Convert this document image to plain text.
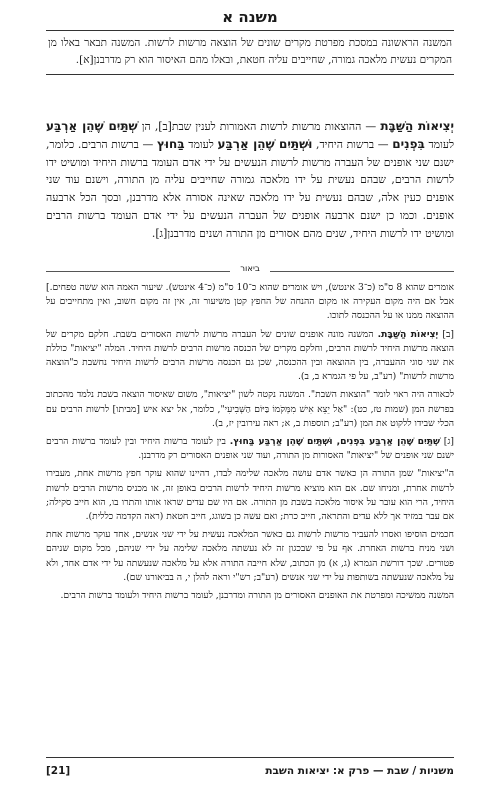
משנה א
המשנה הראשונה במסכת מפרטת מקרים שונים של הוצאה מרשות לרשות. המשנה תבאר באלו מן המקרים נעשית מלאכה גמורה, שחייבים עליה חטאת, ובאלו מהם האיסור הוא רק מדרבנן[א].
יְצִיאוֹת הַשַּׁבָּת — ההוצאות מרשות לרשות האמורות לענין שבת[ב], הן שְׁתַּיִם שֶׁהֵן אַרְבַּע לעומד בִּפְנִים — ברשות היחיד, וּשְׁתַּיִם שֶׁהֵן אַרְבַּע לעומד בַּחוּץ — ברשות הרבים. כלומר, ישנם שני אופנים של העברה מרשות לרשות הנעשים על ידי אדם העומד ברשות היחיד ומושיט ידו לרשות הרבים, שבהם נעשית על ידו מלאכה גמורה שחייבים עליה מן התורה, וישנם עוד שני אופנים כעין אלה, שבהם נעשית על ידו מלאכה שאינה אסורה אלא מדרבנן, ובסך הכל ארבעה אופנים. וכמו כן ישנם ארבעה אופנים של העברה הנעשים על ידי אדם העומד ברשות הרבים ומושיט ידו לרשות היחיד, שנים מהם אסורים מן התורה ושנים מדרבנן[ג].
ביאור

אומרים שהוא 8 ס"מ (כ־3 אינטש), ויש אומרים שהוא כ־10 ס"מ (כ־4 אינטש). שיעור האמה הוא ששה טפחים.] אבל אם היה מקום העקירה או מקום ההנחה של החפץ קטן משיעור זה, אין זה מקום חשוב, ואין מתחייבים על ההוצאה ממנו או על ההכנסה לתוכו.

[ב] יְצִיאוֹת הַשַּׁבָּת. המשנה מונה אופנים שונים של העברה מרשות לרשות האסורים בשבת. חלקם מקרים של הוצאה מרשות היחיד לרשות הרבים, וחלקם מקרים של הכנסה מרשות הרבים לרשות היחיד. המלה "יציאות" כוללת את שני סוגי ההעברה, בין ההוצאה ובין ההכנסה, שכן גם הכנסה מרשות הרבים לרשות היחיד נחשבת כ"הוצאה מרשות לרשות" (רע"ב, על פי הגמרא ב, ב).

לכאורה היה ראוי לומר "הוצאות השבת". המשנה נקטה לשון "יציאות", משום שאיסור הוצאה בשבת נלמד מהכתוב בפרשת המן (שמות טז, כט): "אַל יֵצֵא אִישׁ מִמְּקֹמוֹ בַּיּוֹם הַשְּׁבִיעִי", כלומר, אל יצא איש [מביתו] לרשות הרבים עם הכלי שבידו ללקוט את המן (רע"ב; תוספות ב, א; ראה עירובין יז, ב).

[ג] שְׁתַּיִם שֶׁהֵן אַרְבַּע בִּפְנִים, וּשְׁתַּיִם שֶׁהֵן אַרְבַּע בַּחוּץ. בין לעומד ברשות היחיד ובין לעומד ברשות הרבים ישנם שני אופנים של "יציאות" האסורות מן התורה, ועוד שני אופנים האסורים רק מדרבנן.

ה"יציאות" שמן התורה הן כאשר אדם עושה מלאכה שלימה לבדו, דהיינו שהוא עוקר חפץ מרשות אחת, מעבירו לרשות אחרת, ומניחו שם. אם הוא מוציא מרשות היחיד לרשות הרבים באופן זה, או מכניס מרשות הרבים לרשות היחיד, הרי הוא עובר על איסור מלאכה בשבת מן התורה. אם היו שם עדים שראו אותו והתרו בו, הוא חייב סקילה; אם עבר במזיד אך ללא עדים והתראה, חייב כרת; ואם עשה כן בשוגג, חייב חטאת (ראה הקדמה כללית).

חכמים הוסיפו ואסרו להעביר מרשות לרשות גם כאשר המלאכה נעשית על ידי שני אנשים, אחד עוקר מרשות אחת ושני מניח ברשות האחרת. אף על פי שבכגון זה לא נעשתה מלאכה שלימה על ידי שניהם, מכל מקום שניהם פטורים. שכך דורשת הגמרא (ג, א) מן הכתוב, שלא חייבה התורה אלא על מלאכה שנעשתה על ידי אדם אחד, ולא על מלאכה שנעשתה בשותפות על ידי שני אנשים (רע"ב; רש"י וראה להלן י, ה בביאורנו שם).

המשנה ממשיכה ומפרטת את האופנים האסורים מן התורה ומדרבנן, לעומד ברשות היחיד ולעומד ברשות הרבים.

משניות / שבת — פרק א: יציאות השבת
[21]
